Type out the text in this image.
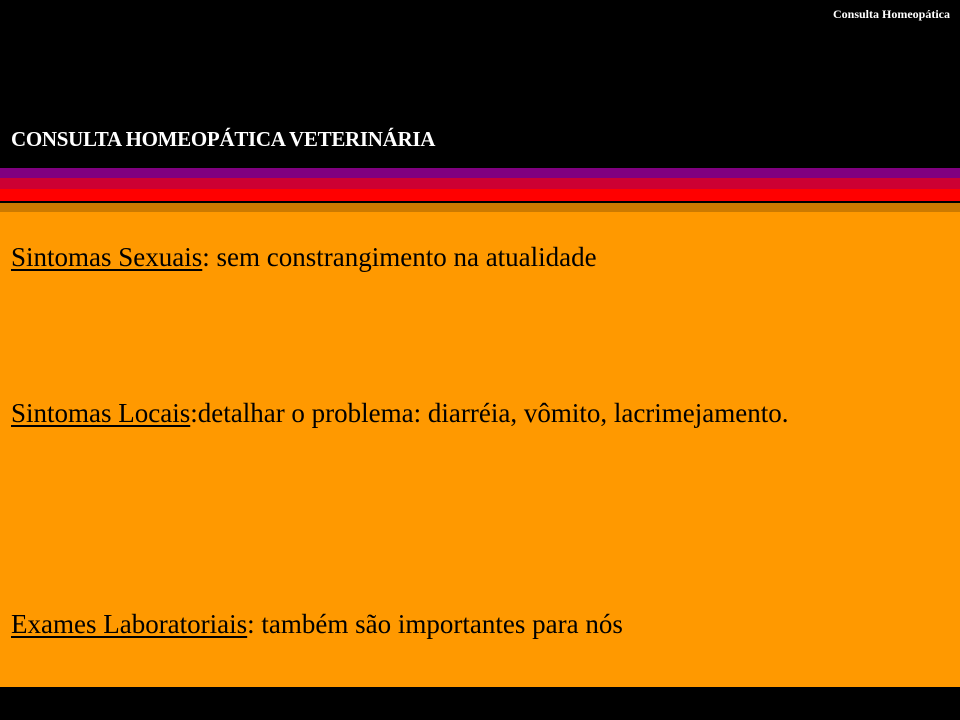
Consulta Homeopática
CONSULTA HOMEOPÁTICA VETERINÁRIA
Sintomas Sexuais: sem constrangimento na atualidade
Sintomas Locais:detalhar o problema: diarréia, vômito, lacrimejamento.
Exames Laboratoriais: também são importantes para nós
